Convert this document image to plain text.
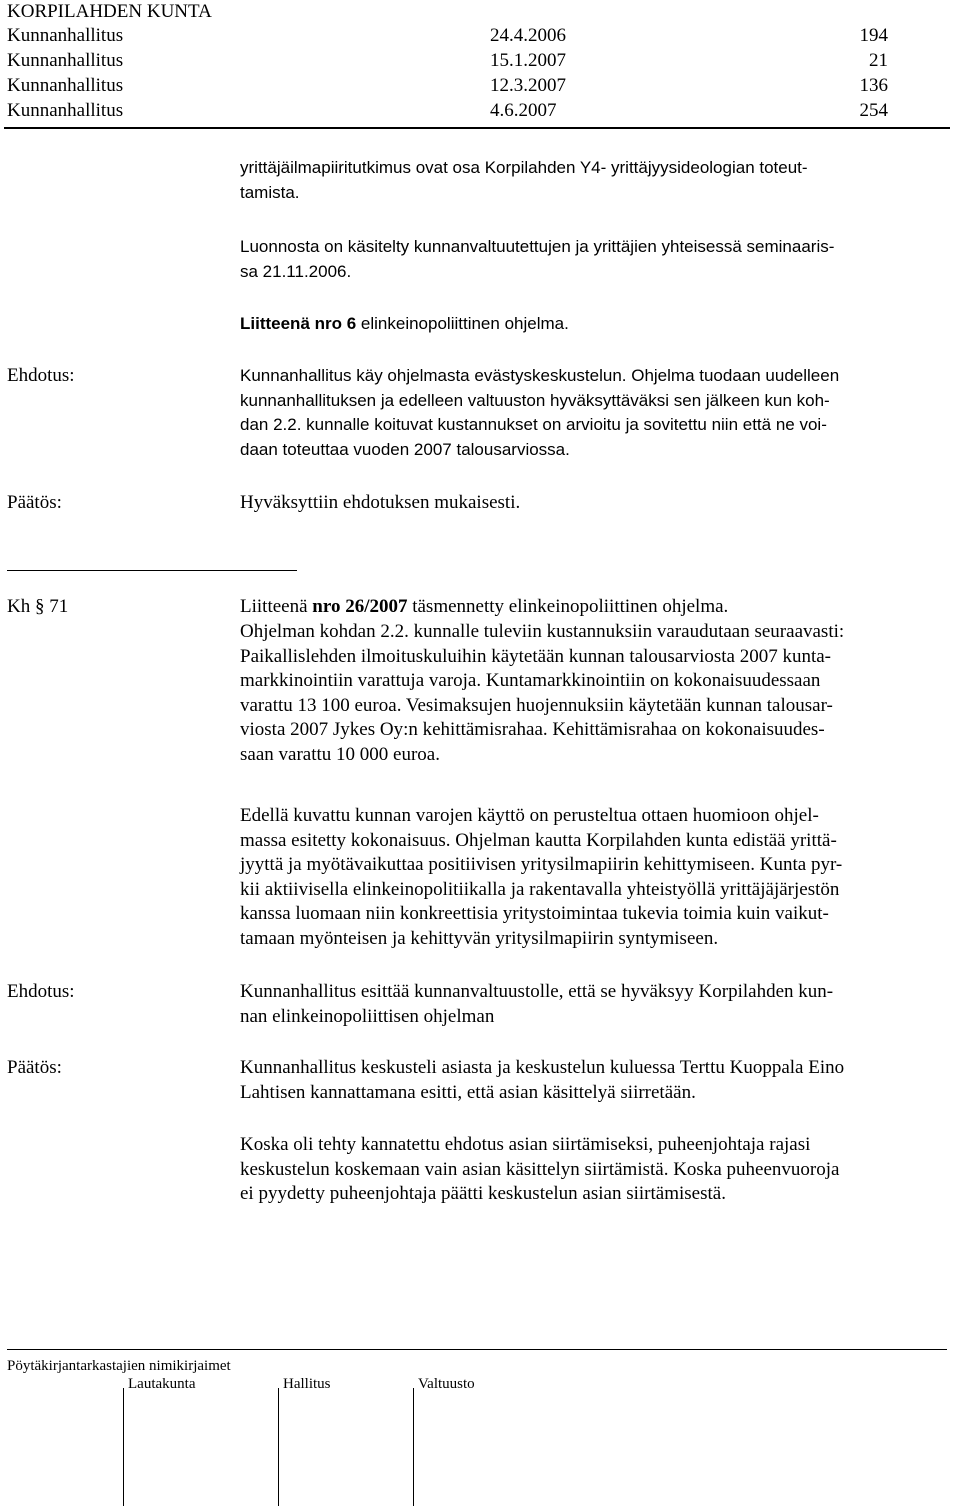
KORPILAHDEN KUNTA
Kunnanhallitus	24.4.2006	194
Kunnanhallitus	15.1.2007	21
Kunnanhallitus	12.3.2007	136
Kunnanhallitus	4.6.2007	254
yrittäjäilmapiiritutkimus ovat osa Korpilahden Y4- yrittäjyysideologian toteut-
tamista.
Luonnosta on käsitelty kunnanvaltuutettujen ja yrittäjien yhteisessä seminaaris-
sa 21.11.2006.
Liitteenä nro 6 elinkeinopoliittinen ohjelma.
Ehdotus:	Kunnanhallitus käy ohjelmasta evästyskeskustelun. Ohjelma tuodaan uudelleen
kunnanhallituksen ja edelleen valtuuston hyväksyttäväksi sen jälkeen kun koh-
dan 2.2. kunnalle koituvat kustannukset on arvioitu ja sovitettu niin että ne voi-
daan toteuttaa vuoden 2007 talousarviossa.
Päätös:	Hyväksyttiin ehdotuksen mukaisesti.
Kh § 71	Liitteenä nro 26/2007 täsmennetty elinkeinopoliittinen ohjelma.
Ohjelman kohdan 2.2. kunnalle tuleviin kustannuksiin varaudutaan seuraavasti:
Paikallislehden ilmoituskuluihin käytetään kunnan talousarviosta 2007 kunta-
markkinointiin varattuja varoja. Kuntamarkkinointiin on kokonaisuudessaan
varattu 13 100 euroa. Vesimaksujen huojennuksiin käytetään kunnan talousar-
viosta 2007 Jykes Oy:n kehittämisrahaa. Kehittämisrahaa on kokonaisuudes-
saan varattu 10 000 euroa.
Edellä kuvattu kunnan varojen käyttö on perusteltua ottaen huomioon ohjel-
massa esitetty kokonaisuus. Ohjelman kautta Korpilahden kunta edistää yrittä-
jyyttä ja myötävaikuttaa positiivisen yritysilmapiirin kehittymiseen. Kunta pyr-
kii aktiivisella elinkeinopolitiikalla ja rakentavalla yhteistyöllä yrittäjäjärjestön
kanssa luomaan niin konkreettisia yritystoimintaa tukevia toimia kuin vaikut-
tamaan myönteisen ja kehittyvän yritysilmapiirin syntymiseen.
Ehdotus:	Kunnanhallitus esittää kunnanvaltuustolle, että se hyväksyy Korpilahden kun-
nan elinkeinopoliittisen ohjelman
Päätös:	Kunnanhallitus keskusteli asiasta ja keskustelun kuluessa Terttu Kuoppala Eino
Lahtisen kannattamana esitti, että asian käsittelyä siirretään.
Koska oli tehty kannatettu ehdotus asian siirtämiseksi, puheenjohtaja rajasi
keskustelun koskemaan vain asian käsittelyn siirtämistä. Koska puheenvuoroja
ei pyydetty puheenjohtaja päätti keskustelun asian siirtämisestä.
Pöytäkirjantarkastajien nimikirjaimet
Lautakunta	Hallitus	Valtuusto
